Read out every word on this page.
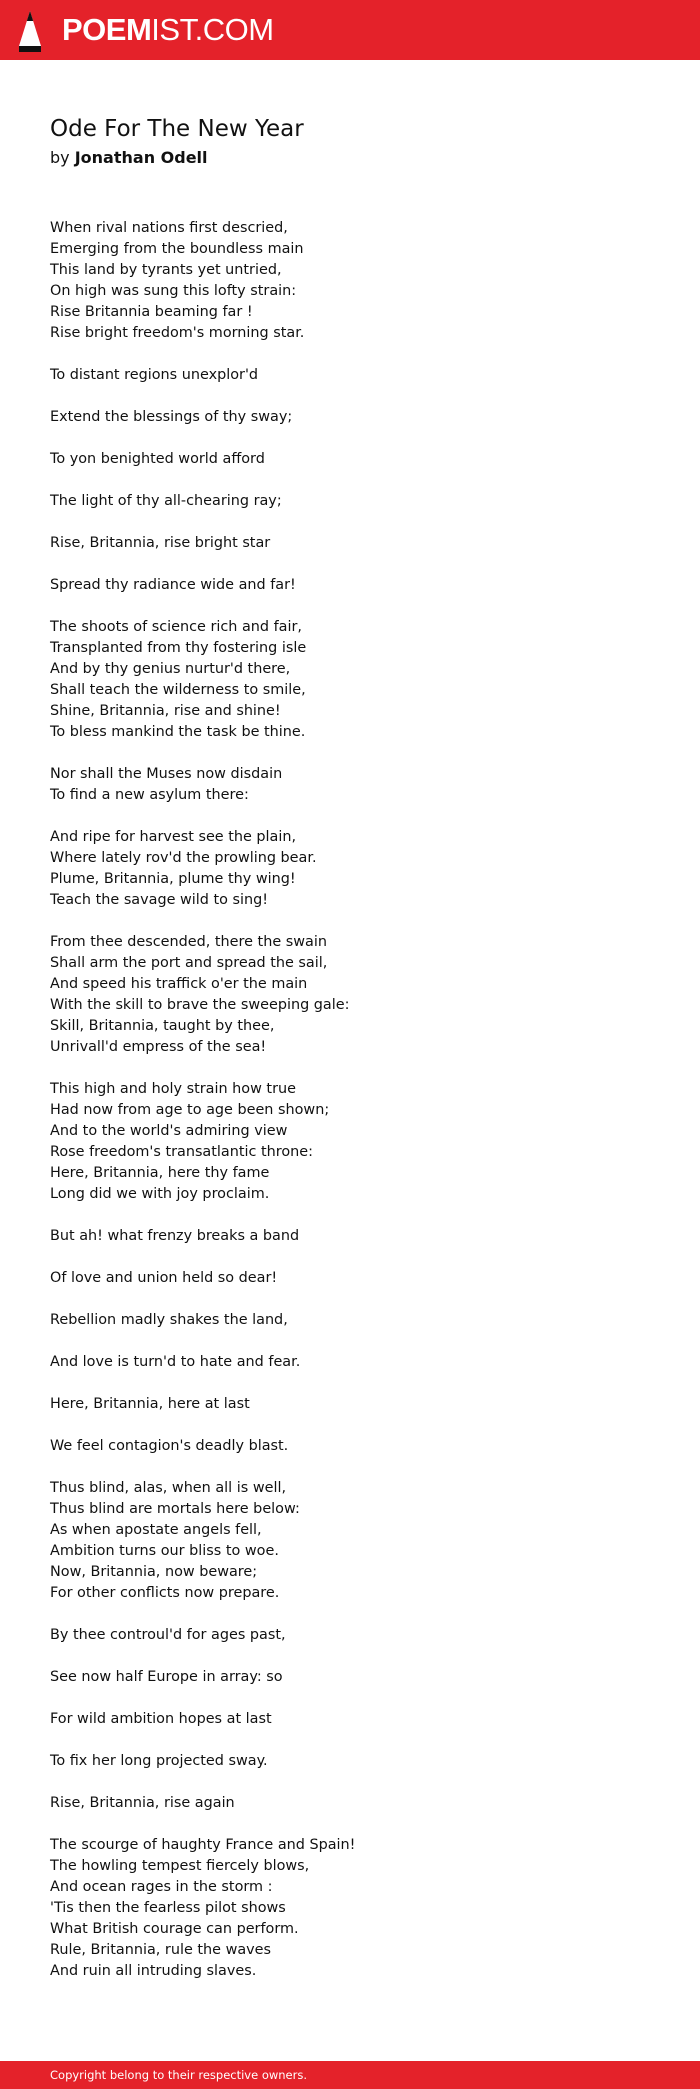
POEMIST.COM
Ode For The New Year
by Jonathan Odell
When rival nations first descried,
Emerging from the boundless main
This land by tyrants yet untried,
On high was sung this lofty strain:
Rise Britannia beaming far !
Rise bright freedom's morning star.
To distant regions unexplor'd
Extend the blessings of thy sway;
To yon benighted world afford
The light of thy all-chearing ray;
Rise, Britannia, rise bright star
Spread thy radiance wide and far!
The shoots of science rich and fair,
Transplanted from thy fostering isle
And by thy genius nurtur'd there,
Shall teach the wilderness to smile,
Shine, Britannia, rise and shine!
To bless mankind the task be thine.
Nor shall the Muses now disdain
To find a new asylum there:
And ripe for harvest see the plain,
Where lately rov'd the prowling bear.
Plume, Britannia, plume thy wing!
Teach the savage wild to sing!
From thee descended, there the swain
Shall arm the port and spread the sail,
And speed his traffick o'er the main
With the skill to brave the sweeping gale:
Skill, Britannia, taught by thee,
Unrivall'd empress of the sea!
This high and holy strain how true
Had now from age to age been shown;
And to the world's admiring view
Rose freedom's transatlantic throne:
Here, Britannia, here thy fame
Long did we with joy proclaim.
But ah! what frenzy breaks a band
Of love and union held so dear!
Rebellion madly shakes the land,
And love is turn'd to hate and fear.
Here, Britannia, here at last
We feel contagion's deadly blast.
Thus blind, alas, when all is well,
Thus blind are mortals here below:
As when apostate angels fell,
Ambition turns our bliss to woe.
Now, Britannia, now beware;
For other conflicts now prepare.
By thee controul'd for ages past,
See now half Europe in array: so
For wild ambition hopes at last
To fix her long projected sway.
Rise, Britannia, rise again
The scourge of haughty France and Spain!
The howling tempest fiercely blows,
And ocean rages in the storm :
'Tis then the fearless pilot shows
What British courage can perform.
Rule, Britannia, rule the waves
And ruin all intruding slaves.
Copyright belong to their respective owners.
